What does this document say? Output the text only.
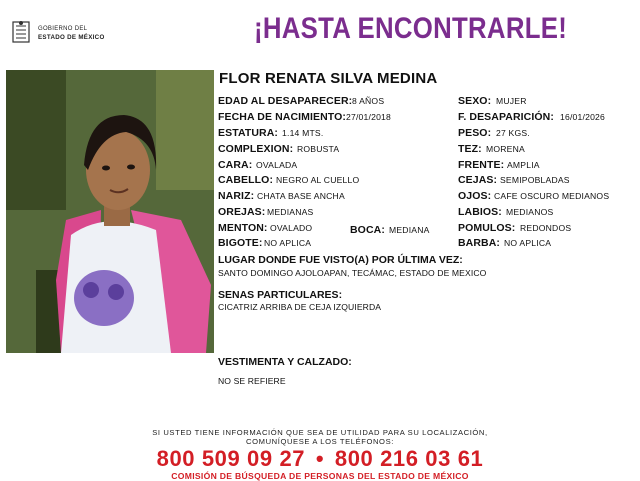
GOBIERNO DEL
ESTADO DE MÉXICO	¡HASTA ENCONTRARLE!
FLOR RENATA SILVA MEDINA
EDAD AL DESAPARECER: 8 AÑOS
FECHA DE NACIMIENTO: 27/01/2018
ESTATURA: 1.14 MTS.
COMPLEXION: ROBUSTA
CARA: OVALADA
CABELLO: NEGRO AL CUELLO
NARIZ: CHATA BASE ANCHA
OREJAS: MEDIANAS
MENTON: OVALADO	BOCA: MEDIANA
BIGOTE: NO APLICA
SEXO: MUJER
F. DESAPARICIÓN: 16/01/2026
PESO: 27 KGS.
TEZ: MORENA
FRENTE: AMPLIA
CEJAS: SEMIPOBLADAS
OJOS: CAFE OSCURO MEDIANOS
LABIOS: MEDIANOS
POMULOS: REDONDOS
BARBA: NO APLICA
LUGAR DONDE FUE VISTO(A) POR ÚLTIMA VEZ:
SANTO DOMINGO AJOLOAPAN, TECÁMAC, ESTADO DE MEXICO
SENAS PARTICULARES:
CICATRIZ ARRIBA DE CEJA IZQUIERDA
VESTIMENTA Y CALZADO:
NO SE REFIERE
SI USTED TIENE INFORMACIÓN QUE SEA DE UTILIDAD PARA SU LOCALIZACIÓN,
COMUNÍQUESE A LOS TELÉFONOS:
800 509 09 27 • 800 216 03 61
COMISIÓN DE BÚSQUEDA DE PERSONAS DEL ESTADO DE MÉXICO
